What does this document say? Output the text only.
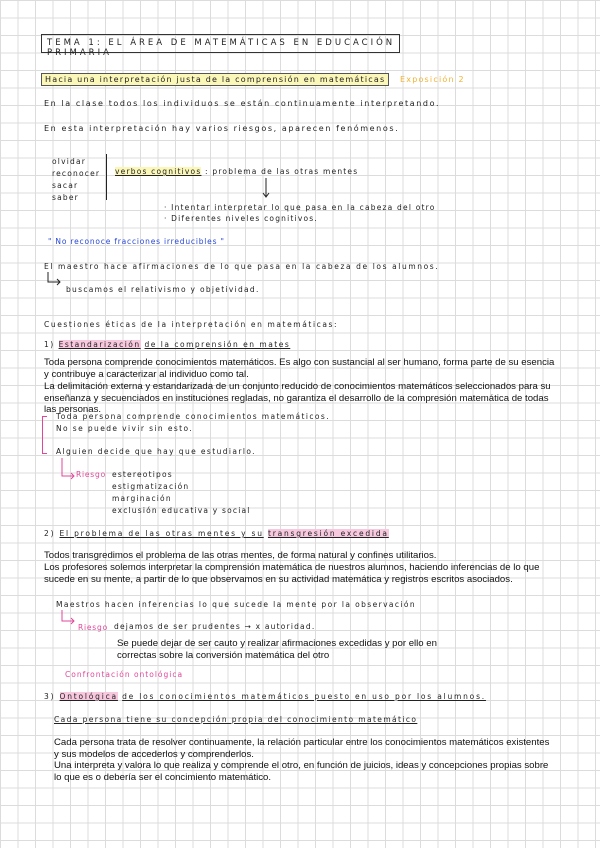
TEMA 1: EL ÁREA DE MATEMÁTICAS EN EDUCACIÓN PRIMARIA
Hacia una interpretación justa de la comprensión en matemáticas	Exposición 2
En la clase todos los individuos se están continuamente interpretando.
En esta interpretación hay varios riesgos, aparecen fenómenos.
olvidar
reconocer
sacar
saber
verbos cognitivos : problema de las otras mentes
· Intentar interpretar lo que pasa en la cabeza del otro
· Diferentes niveles cognitivos.
" No reconoce fracciones irreducibles "
El maestro hace afirmaciones de lo que pasa en la cabeza de los alumnos.
buscamos el relativismo y objetividad.
Cuestiones éticas de la interpretación en matemáticas:
1) Estandarización de la comprensión en mates
Toda persona comprende conocimientos matemáticos. Es algo con sustancial al ser humano, forma parte de su esencia y contribuye a caracterizar al individuo como tal.
La delimitación externa y estandarizada de un conjunto reducido de conocimientos matemáticos seleccionados para su enseñanza y secuenciados en instituciones regladas, no garantiza el desarrollo de la compresión matemática de todas las personas.
Toda persona comprende conocimientos matemáticos.
No se puede vivir sin esto.
Alguien decide que hay que estudiarlo.
Riesgo estereotipos
estigmatización
marginación
exclusión educativa y social
2) El problema de las otras mentes y su transgresión excedida
Todos transgredimos el problema de las otras mentes, de forma natural y confines utilitarios.
Los profesores solemos interpretar la comprensión matemática de nuestros alumnos, haciendo inferencias de lo que sucede en su mente, a partir de lo que observamos en su actividad matemática y registros escritos asociados.
Maestros hacen inferencias lo que sucede la mente por la observación
Riesgo dejamos de ser prudentes → x autoridad.
Se puede dejar de ser cauto y realizar afirmaciones excedidas y por ello en correctas sobre la conversión matemática del otro
Confrontación ontológica
3) Ontológica de los conocimientos matemáticos puesto en uso por los alumnos.
Cada persona tiene su concepción propia del conocimiento matemático
Cada persona trata de resolver continuamente, la relación particular entre los conocimientos matemáticos existentes y sus modelos de accederlos y comprenderlos.
Una interpreta y valora lo que realiza y comprende el otro, en función de juicios, ideas y concepciones propias sobre lo que es o debería ser el concimiento matemático.
